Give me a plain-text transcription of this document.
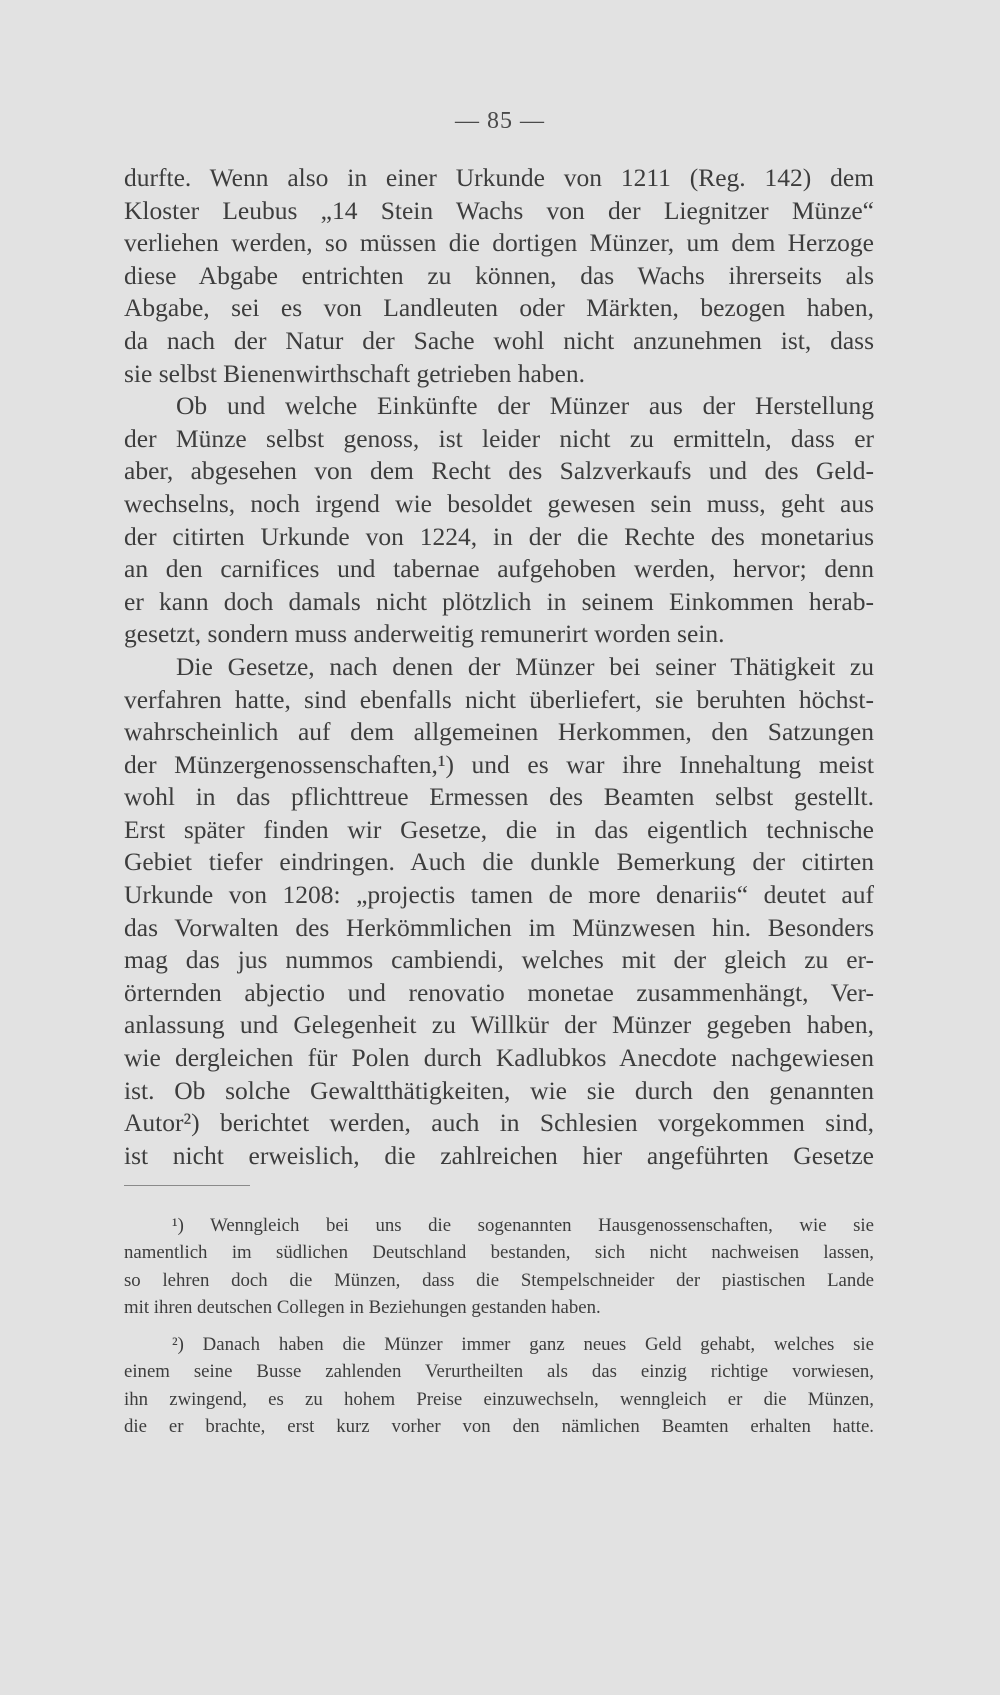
— 85 —
durfte. Wenn also in einer Urkunde von 1211 (Reg. 142) dem
Kloster Leubus „14 Stein Wachs von der Liegnitzer Münze“
verliehen werden, so müssen die dortigen Münzer, um dem Herzoge
diese Abgabe entrichten zu können, das Wachs ihrerseits als
Abgabe, sei es von Landleuten oder Märkten, bezogen haben,
da nach der Natur der Sache wohl nicht anzunehmen ist, dass
sie selbst Bienenwirthschaft getrieben haben.
Ob und welche Einkünfte der Münzer aus der Herstellung
der Münze selbst genoss, ist leider nicht zu ermitteln, dass er
aber, abgesehen von dem Recht des Salzverkaufs und des Geld-
wechselns, noch irgend wie besoldet gewesen sein muss, geht aus
der citirten Urkunde von 1224, in der die Rechte des monetarius
an den carnifices und tabernae aufgehoben werden, hervor; denn
er kann doch damals nicht plötzlich in seinem Einkommen herab-
gesetzt, sondern muss anderweitig remunerirt worden sein.
Die Gesetze, nach denen der Münzer bei seiner Thätigkeit zu
verfahren hatte, sind ebenfalls nicht überliefert, sie beruhten höchst-
wahrscheinlich auf dem allgemeinen Herkommen, den Satzungen
der Münzergenossenschaften,¹) und es war ihre Innehaltung meist
wohl in das pflichttreue Ermessen des Beamten selbst gestellt.
Erst später finden wir Gesetze, die in das eigentlich technische
Gebiet tiefer eindringen. Auch die dunkle Bemerkung der citirten
Urkunde von 1208: „projectis tamen de more denariis“ deutet auf
das Vorwalten des Herkömmlichen im Münzwesen hin. Besonders
mag das jus nummos cambiendi, welches mit der gleich zu er-
örternden abjectio und renovatio monetae zusammenhängt, Ver-
anlassung und Gelegenheit zu Willkür der Münzer gegeben haben,
wie dergleichen für Polen durch Kadlubkos Anecdote nachgewiesen
ist. Ob solche Gewaltthätigkeiten, wie sie durch den genannten
Autor²) berichtet werden, auch in Schlesien vorgekommen sind,
ist nicht erweislich, die zahlreichen hier angeführten Gesetze
¹) Wenngleich bei uns die sogenannten Hausgenossenschaften, wie sie
namentlich im südlichen Deutschland bestanden, sich nicht nachweisen lassen,
so lehren doch die Münzen, dass die Stempelschneider der piastischen Lande
mit ihren deutschen Collegen in Beziehungen gestanden haben.
²) Danach haben die Münzer immer ganz neues Geld gehabt, welches sie
einem seine Busse zahlenden Verurtheilten als das einzig richtige vorwiesen,
ihn zwingend, es zu hohem Preise einzuwechseln, wenngleich er die Münzen,
die er brachte, erst kurz vorher von den nämlichen Beamten erhalten hatte.
